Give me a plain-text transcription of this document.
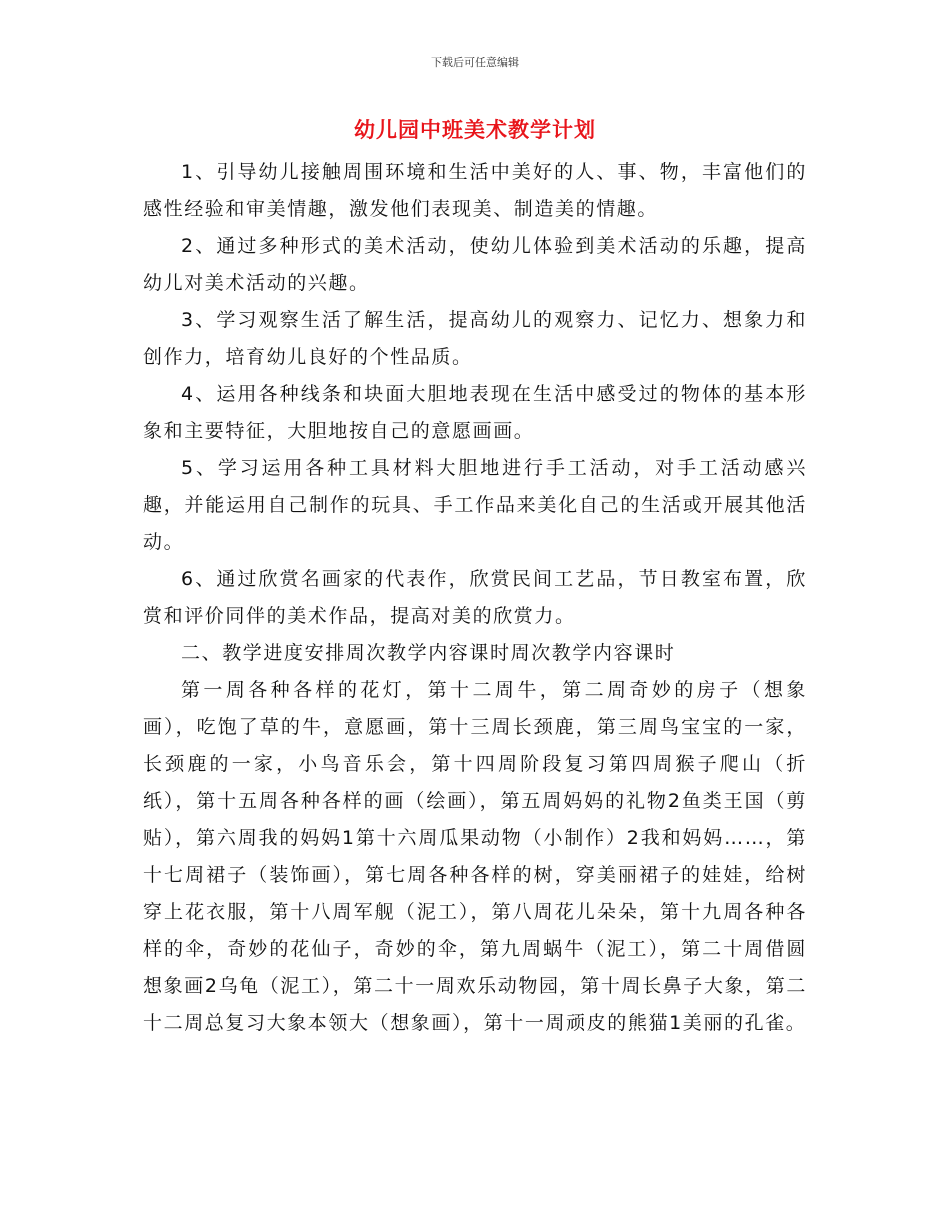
下载后可任意编辑
幼儿园中班美术教学计划

1、引导幼儿接触周围环境和生活中美好的人、事、物，丰富他们的感性经验和审美情趣，激发他们表现美、制造美的情趣。

2、通过多种形式的美术活动，使幼儿体验到美术活动的乐趣，提高幼儿对美术活动的兴趣。

3、学习观察生活了解生活，提高幼儿的观察力、记忆力、想象力和创作力，培育幼儿良好的个性品质。

4、运用各种线条和块面大胆地表现在生活中感受过的物体的基本形象和主要特征，大胆地按自己的意愿画画。

5、学习运用各种工具材料大胆地进行手工活动，对手工活动感兴趣，并能运用自己制作的玩具、手工作品来美化自己的生活或开展其他活动。

6、通过欣赏名画家的代表作，欣赏民间工艺品，节日教室布置，欣赏和评价同伴的美术作品，提高对美的欣赏力。

二、教学进度安排周次教学内容课时周次教学内容课时

第一周各种各样的花灯，第十二周牛，第二周奇妙的房子（想象画），吃饱了草的牛，意愿画，第十三周长颈鹿，第三周鸟宝宝的一家，长颈鹿的一家，小鸟音乐会，第十四周阶段复习第四周猴子爬山（折纸），第十五周各种各样的画（绘画），第五周妈妈的礼物2鱼类王国（剪贴），第六周我的妈妈1第十六周瓜果动物（小制作）2我和妈妈……，第十七周裙子（装饰画），第七周各种各样的树，穿美丽裙子的娃娃，给树穿上花衣服，第十八周军舰（泥工），第八周花儿朵朵，第十九周各种各样的伞，奇妙的花仙子，奇妙的伞，第九周蜗牛（泥工），第二十周借圆想象画2乌龟（泥工），第二十一周欢乐动物园，第十周长鼻子大象，第二十二周总复习大象本领大（想象画），第十一周顽皮的熊猫1美丽的孔雀。
